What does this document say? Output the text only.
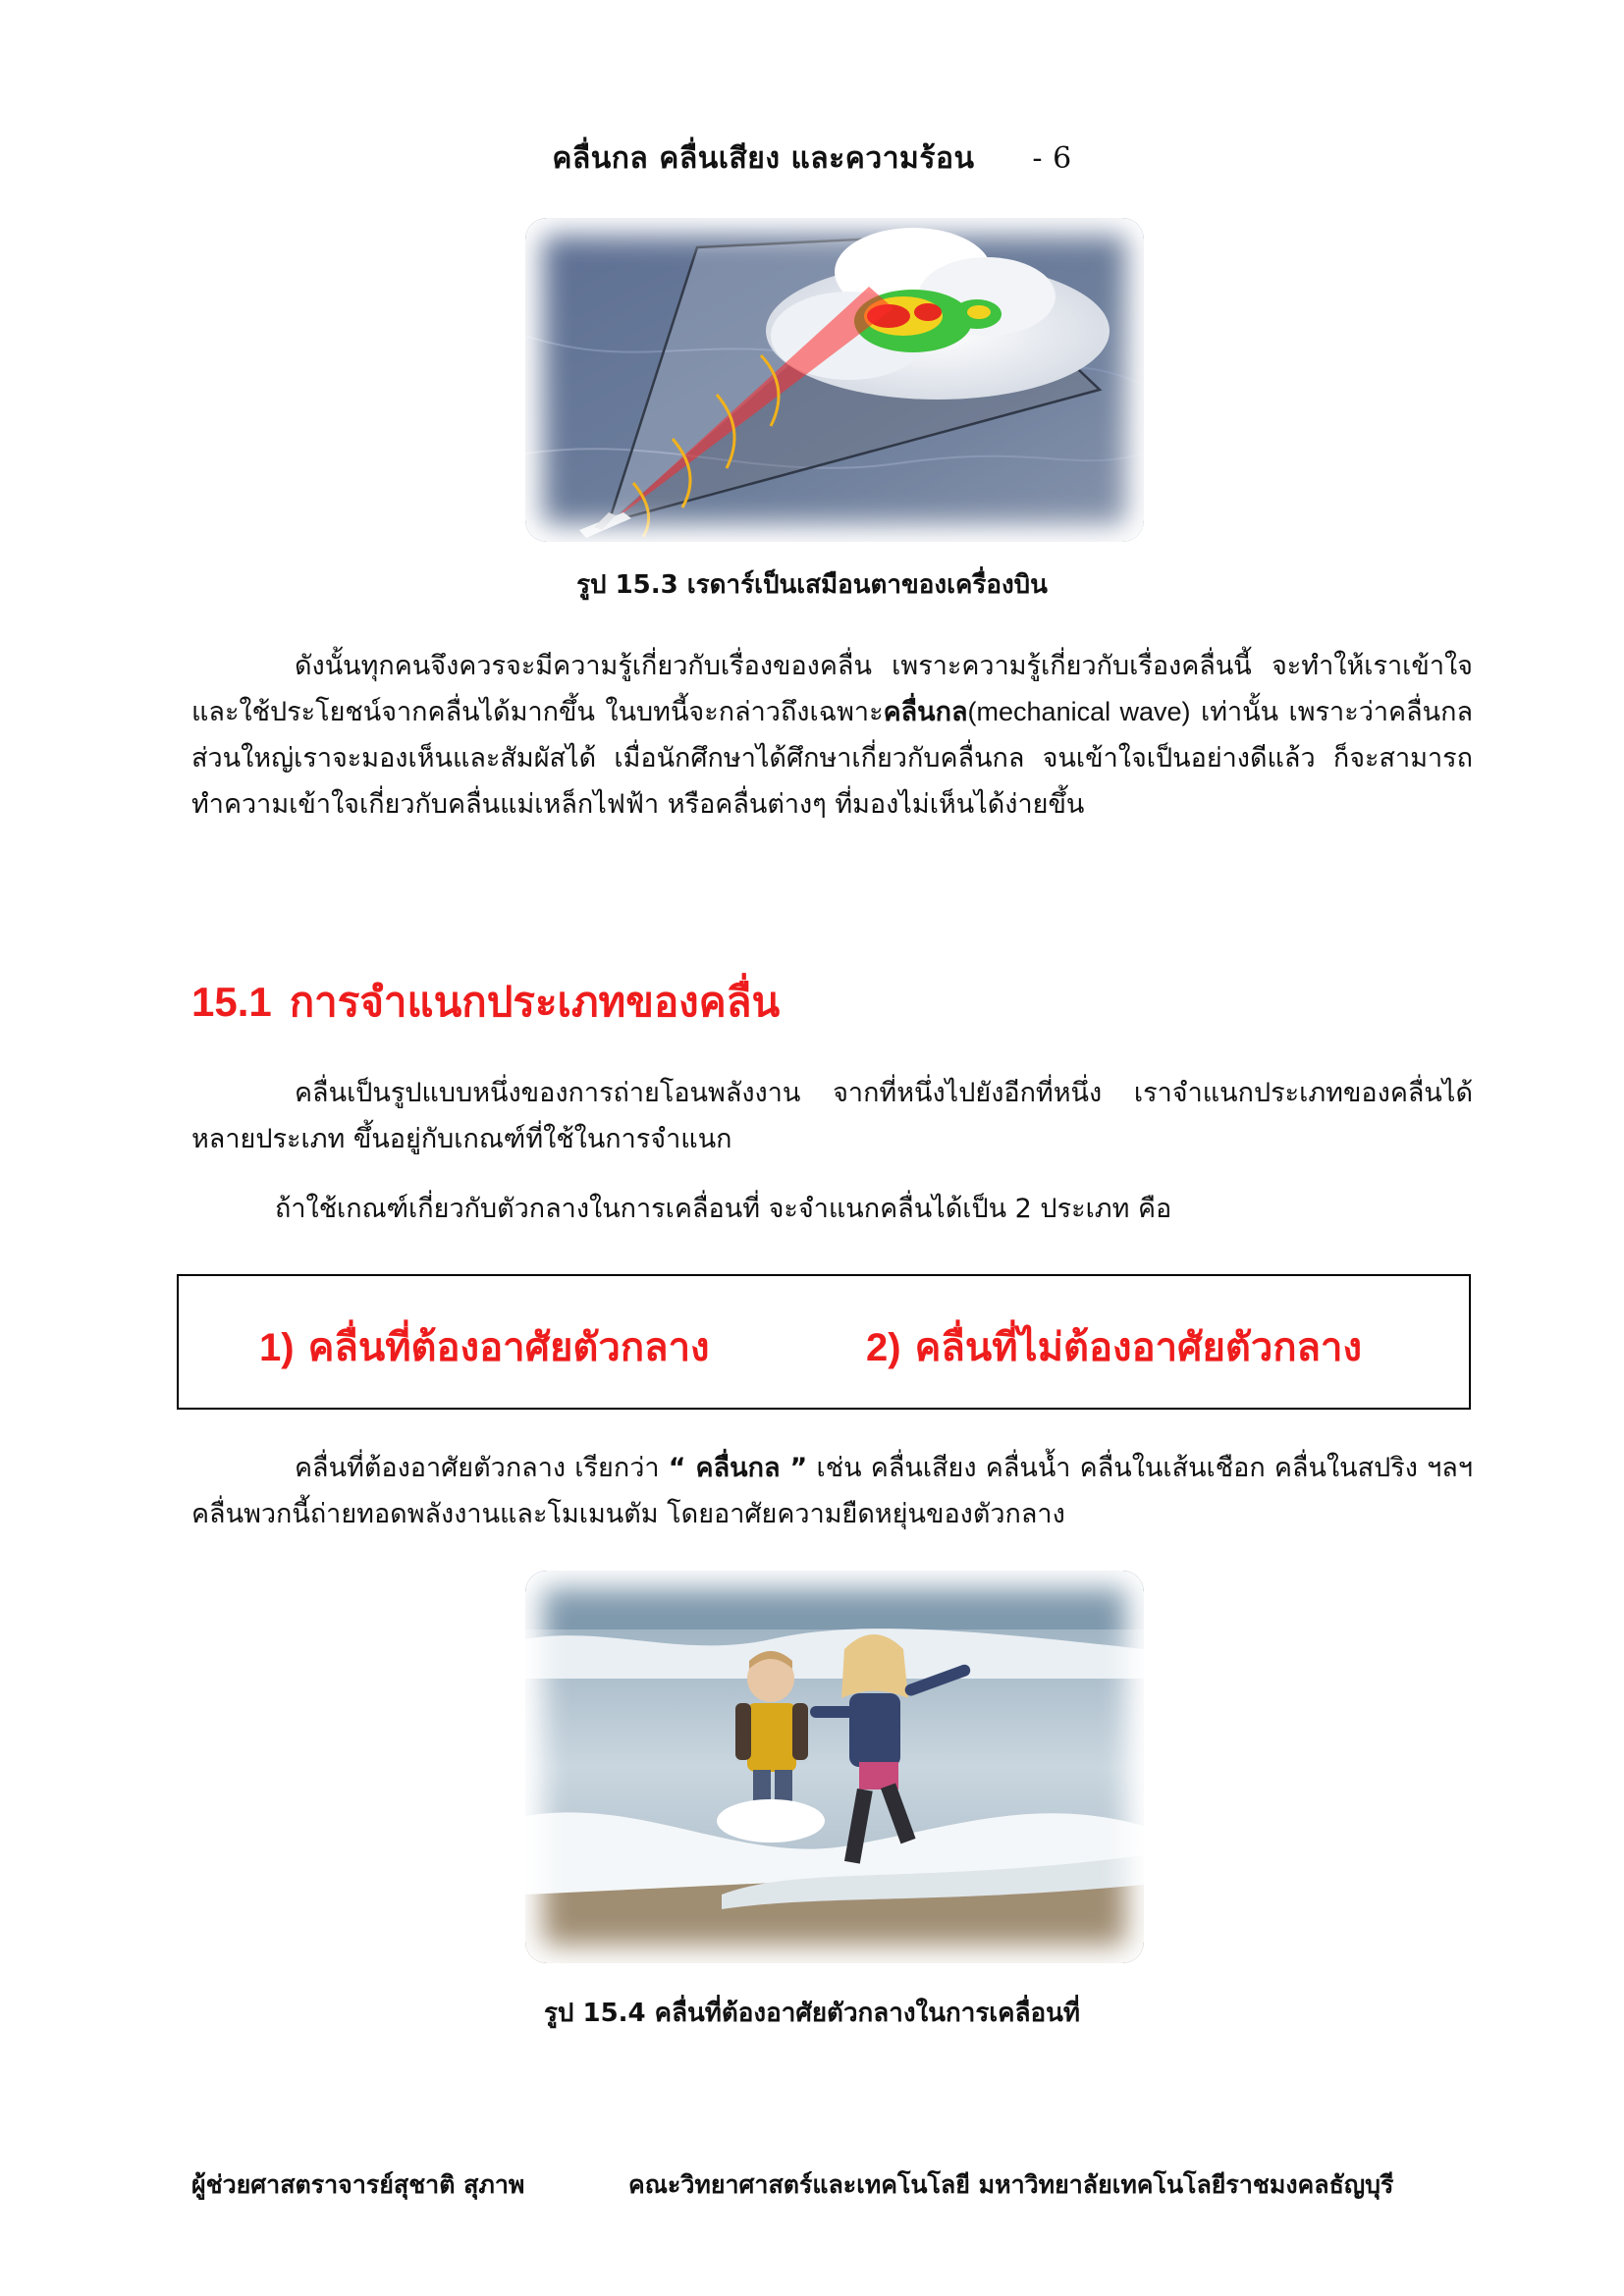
คลื่นกล คลื่นเสียง และความร้อน - 6
รูป 15.3 เรดาร์เป็นเสมือนตาของเครื่องบิน
ดังนั้นทุกคนจึงควรจะมีความรู้เกี่ยวกับเรื่องของคลื่น เพราะความรู้เกี่ยวกับเรื่องคลื่นนี้ จะทำให้เราเข้าใจและใช้ประโยชน์จากคลื่นได้มากขึ้น ในบทนี้จะกล่าวถึงเฉพาะคลื่นกล(mechanical wave) เท่านั้น เพราะว่าคลื่นกลส่วนใหญ่เราจะมองเห็นและสัมผัสได้ เมื่อนักศึกษาได้ศึกษาเกี่ยวกับคลื่นกล จนเข้าใจเป็นอย่างดีแล้ว ก็จะสามารถทำความเข้าใจเกี่ยวกับคลื่นแม่เหล็กไฟฟ้า หรือคลื่นต่างๆ ที่มองไม่เห็นได้ง่ายขึ้น
15.1 การจำแนกประเภทของคลื่น
คลื่นเป็นรูปแบบหนึ่งของการถ่ายโอนพลังงาน จากที่หนึ่งไปยังอีกที่หนึ่ง เราจำแนกประเภทของคลื่นได้หลายประเภท ขึ้นอยู่กับเกณฑ์ที่ใช้ในการจำแนก
ถ้าใช้เกณฑ์เกี่ยวกับตัวกลางในการเคลื่อนที่ จะจำแนกคลื่นได้เป็น 2 ประเภท คือ
1) คลื่นที่ต้องอาศัยตัวกลาง	2) คลื่นที่ไม่ต้องอาศัยตัวกลาง
คลื่นที่ต้องอาศัยตัวกลาง เรียกว่า “ คลื่นกล ” เช่น คลื่นเสียง คลื่นน้ำ คลื่นในเส้นเชือก คลื่นในสปริง ฯลฯ คลื่นพวกนี้ถ่ายทอดพลังงานและโมเมนตัม โดยอาศัยความยืดหยุ่นของตัวกลาง
รูป 15.4 คลื่นที่ต้องอาศัยตัวกลางในการเคลื่อนที่
ผู้ช่วยศาสตราจารย์สุชาติ สุภาพ	คณะวิทยาศาสตร์และเทคโนโลยี มหาวิทยาลัยเทคโนโลยีราชมงคลธัญบุรี
